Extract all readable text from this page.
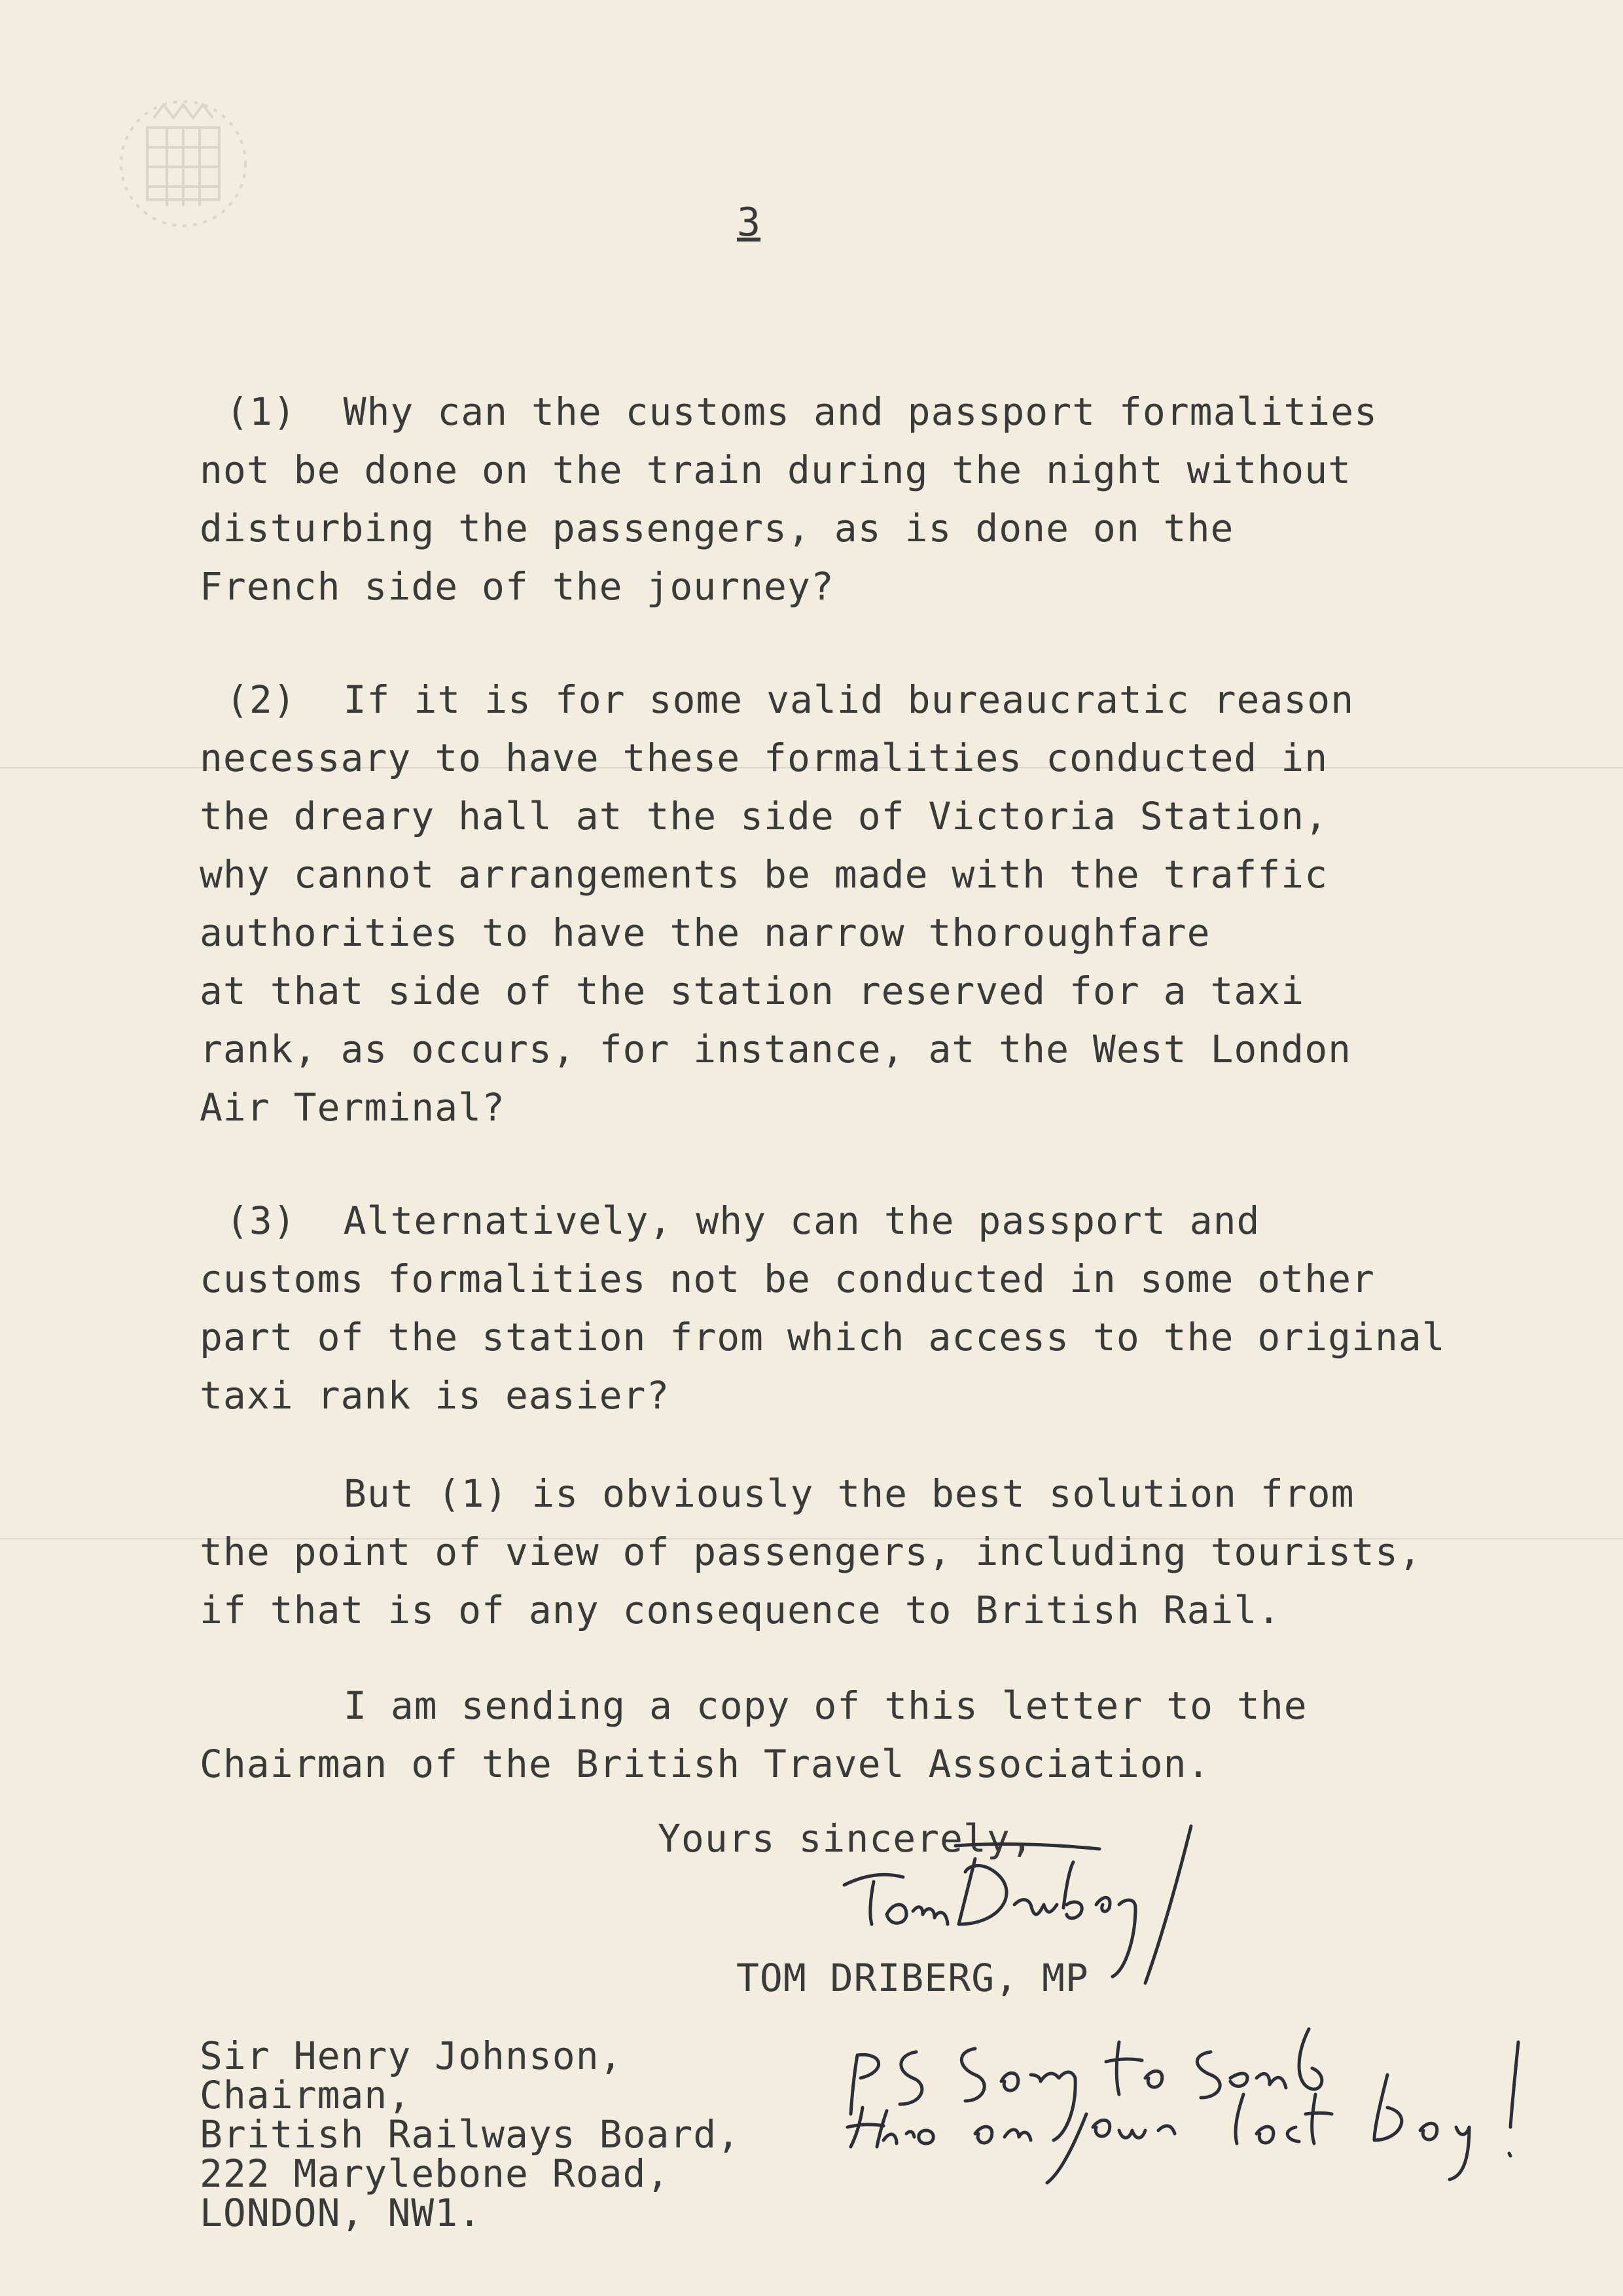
3
(1)  Why can the customs and passport formalities
not be done on the train during the night without
disturbing the passengers, as is done on the
French side of the journey?
(2)  If it is for some valid bureaucratic reason
necessary to have these formalities conducted in
the dreary hall at the side of Victoria Station,
why cannot arrangements be made with the traffic
authorities to have the narrow thoroughfare
at that side of the station reserved for a taxi
rank, as occurs, for instance, at the West London
Air Terminal?
(3)  Alternatively, why can the passport and
customs formalities not be conducted in some other
part of the station from which access to the original
taxi rank is easier?
But (1) is obviously the best solution from
the point of view of passengers, including tourists,
if that is of any consequence to British Rail.
I am sending a copy of this letter to the
Chairman of the British Travel Association.
Yours sincerely,
TOM DRIBERG, MP
Sir Henry Johnson,
Chairman,
British Railways Board,
222 Marylebone Road,
LONDON, NW1.
